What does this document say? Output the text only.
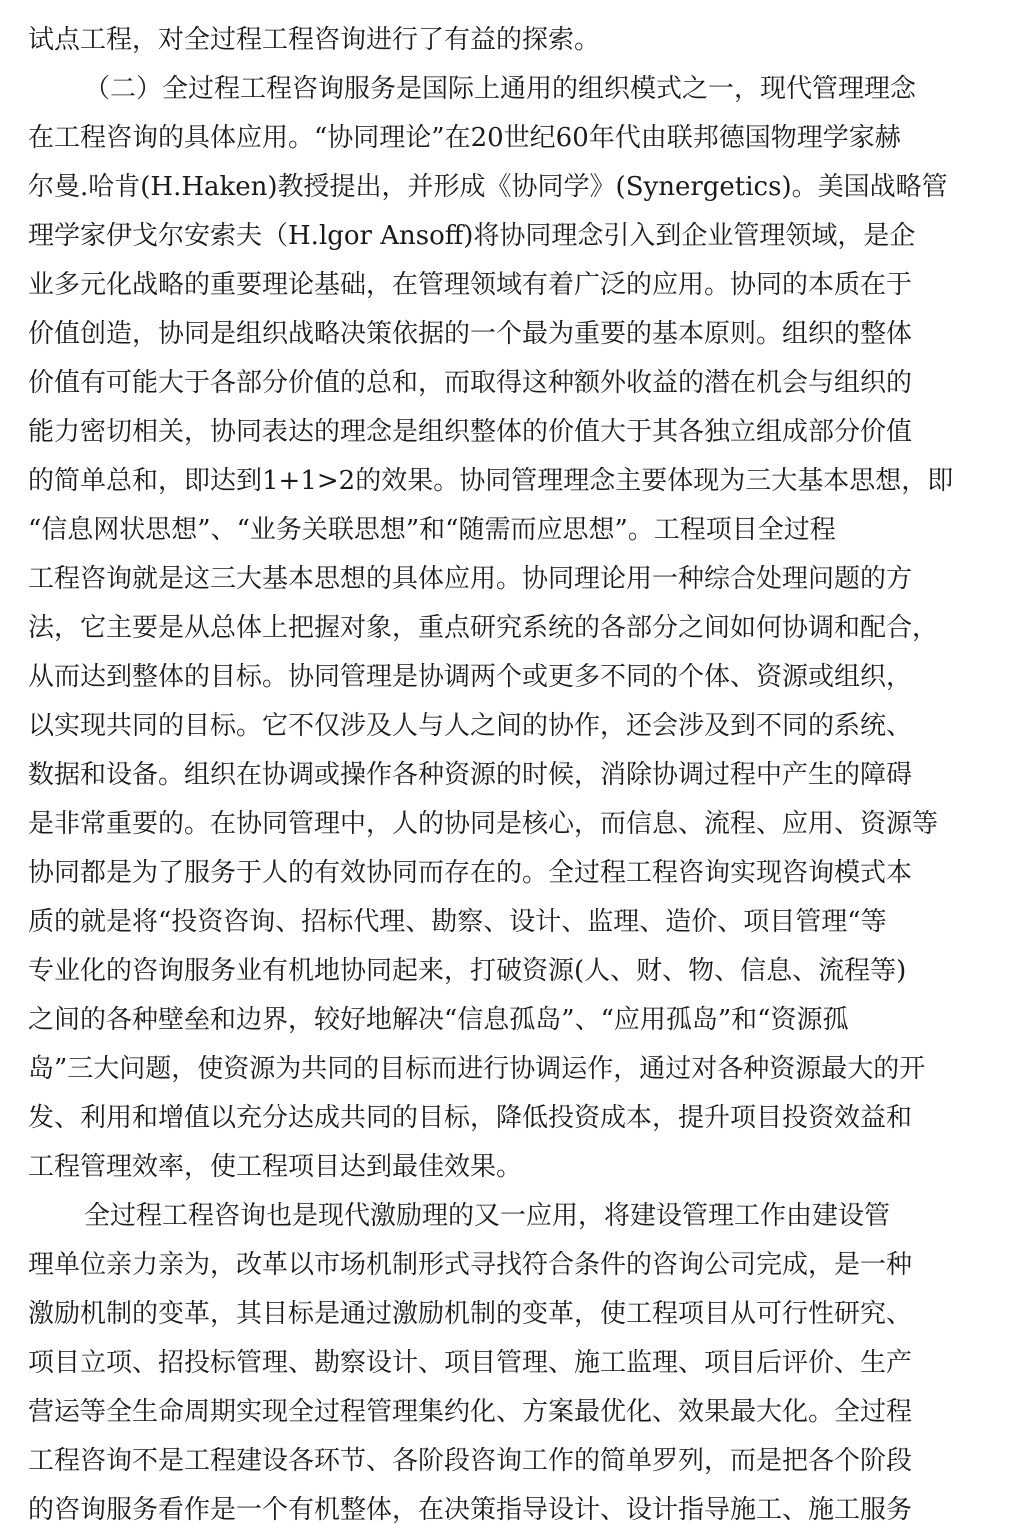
试点工程，对全过程工程咨询进行了有益的探索。
（二）全过程工程咨询服务是国际上通用的组织模式之一，现代管理理念
在工程咨询的具体应用。“协同理论”在20世纪60年代由联邦德国物理学家赫
尔曼.哈肯(H.Haken)教授提出，并形成《协同学》(Synergetics)。美国战略管
理学家伊戈尔安索夫（H.lgor Ansoff)将协同理念引入到企业管理领域，是企
业多元化战略的重要理论基础，在管理领域有着广泛的应用。协同的本质在于
价值创造，协同是组织战略决策依据的一个最为重要的基本原则。组织的整体
价值有可能大于各部分价值的总和，而取得这种额外收益的潜在机会与组织的
能力密切相关，协同表达的理念是组织整体的价值大于其各独立组成部分价值
的简单总和，即达到1+1>2的效果。协同管理理念主要体现为三大基本思想，即
“信息网状思想”、“业务关联思想”和“随需而应思想”。工程项目全过程
工程咨询就是这三大基本思想的具体应用。协同理论用一种综合处理问题的方
法，它主要是从总体上把握对象，重点研究系统的各部分之间如何协调和配合，
从而达到整体的目标。协同管理是协调两个或更多不同的个体、资源或组织，
以实现共同的目标。它不仅涉及人与人之间的协作，还会涉及到不同的系统、
数据和设备。组织在协调或操作各种资源的时候，消除协调过程中产生的障碍
是非常重要的。在协同管理中，人的协同是核心，而信息、流程、应用、资源等
协同都是为了服务于人的有效协同而存在的。全过程工程咨询实现咨询模式本
质的就是将“投资咨询、招标代理、勘察、设计、监理、造价、项目管理“等
专业化的咨询服务业有机地协同起来，打破资源(人、财、物、信息、流程等)
之间的各种壁垒和边界，较好地解决“信息孤岛”、“应用孤岛”和“资源孤
岛”三大问题，使资源为共同的目标而进行协调运作，通过对各种资源最大的开
发、利用和增值以充分达成共同的目标，降低投资成本，提升项目投资效益和
工程管理效率，使工程项目达到最佳效果。
全过程工程咨询也是现代激励理的又一应用，将建设管理工作由建设管
理单位亲力亲为，改革以市场机制形式寻找符合条件的咨询公司完成，是一种
激励机制的变革，其目标是通过激励机制的变革，使工程项目从可行性研究、
项目立项、招投标管理、勘察设计、项目管理、施工监理、项目后评价、生产
营运等全生命周期实现全过程管理集约化、方案最优化、效果最大化。全过程
工程咨询不是工程建设各环节、各阶段咨询工作的简单罗列，而是把各个阶段
的咨询服务看作是一个有机整体，在决策指导设计、设计指导施工、施工服务
